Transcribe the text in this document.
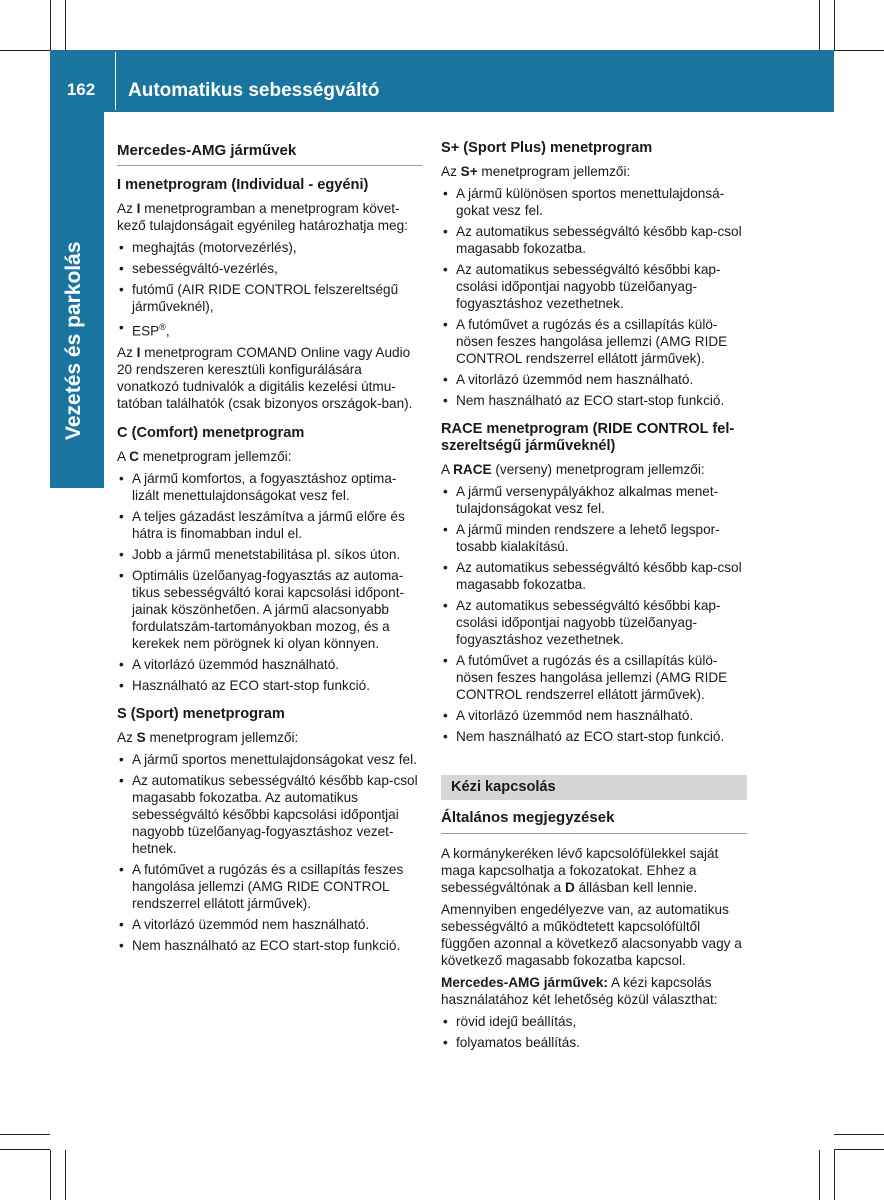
162	Automatikus sebességváltó
Vezetés és parkolás
Mercedes-AMG járművek
I menetprogram (Individual - egyéni)

Az I menetprogramban a menetprogram követ-kező tulajdonságait egyénileg határozhatja meg:

• meghajtás (motorvezérlés),
• sebességváltó-vezérlés,
• futómű (AIR RIDE CONTROL felszereltségű járműveknél),
• ESP®,

Az I menetprogram COMAND Online vagy Audio 20 rendszeren keresztüli konfigurálására vonatkozó tudnivalók a digitális kezelési útmu-tatóban találhatók (csak bizonyos országok-ban).

C (Comfort) menetprogram

A C menetprogram jellemzői:

• A jármű komfortos, a fogyasztáshoz optima-lizált menettulajdonságokat vesz fel.
• A teljes gázadást leszámítva a jármű előre és hátra is finomabban indul el.
• Jobb a jármű menetstabilitása pl. síkos úton.
• Optimális üzelőanyag-fogyasztás az automa-tikus sebességváltó korai kapcsolási időpont-jainak köszönhetően. A jármű alacsonyabb fordulatszám-tartományokban mozog, és a kerekek nem pörögnek ki olyan könnyen.
• A vitorlázó üzemmód használható.
• Használható az ECO start-stop funkció.
S (Sport) menetprogram

Az S menetprogram jellemzői:

• A jármű sportos menettulajdonságokat vesz fel.
• Az automatikus sebességváltó később kap-csol magasabb fokozatba. Az automatikus sebességváltó későbbi kapcsolási időpontjai nagyobb tüzelőanyag-fogyasztáshoz vezet-hetnek.
• A futóművet a rugózás és a csillapítás feszes hangolása jellemzi (AMG RIDE CONTROL rendszerrel ellátott járművek).
• A vitorlázó üzemmód nem használható.
• Nem használható az ECO start-stop funkció.
S+ (Sport Plus) menetprogram

Az S+ menetprogram jellemzői:

• A jármű különösen sportos menettulajdonsá-gokat vesz fel.
• Az automatikus sebességváltó később kap-csol magasabb fokozatba.
• Az automatikus sebességváltó későbbi kap-csolási időpontjai nagyobb tüzelőanyag-fogyasztáshoz vezethetnek.
• A futóművet a rugózás és a csillapítás külö-nösen feszes hangolása jellemzi (AMG RIDE CONTROL rendszerrel ellátott járművek).
• A vitorlázó üzemmód nem használható.
• Nem használható az ECO start-stop funkció.
RACE menetprogram (RIDE CONTROL fel-szereltségű járműveknél)

A RACE (verseny) menetprogram jellemzői:

• A jármű versenypályákhoz alkalmas menet-tulajdonságokat vesz fel.
• A jármű minden rendszere a lehető legspor-tosabb kialakítású.
• Az automatikus sebességváltó később kap-csol magasabb fokozatba.
• Az automatikus sebességváltó későbbi kap-csolási időpontjai nagyobb tüzelőanyag-fogyasztáshoz vezethetnek.
• A futóművet a rugózás és a csillapítás külö-nösen feszes hangolása jellemzi (AMG RIDE CONTROL rendszerrel ellátott járművek).
• A vitorlázó üzemmód nem használható.
• Nem használható az ECO start-stop funkció.
Kézi kapcsolás
Általános megjegyzések

A kormánykeréken lévő kapcsolófülekkel saját maga kapcsolhatja a fokozatokat. Ehhez a sebességváltónak a D állásban kell lennie.

Amennyiben engedélyezve van, az automatikus sebességváltó a működtetett kapcsolófültől függően azonnal a következő alacsonyabb vagy a következő magasabb fokozatba kapcsol.

Mercedes-AMG járművek: A kézi kapcsolás használatához két lehetőség közül választhat:

• rövid idejű beállítás,
• folyamatos beállítás.
